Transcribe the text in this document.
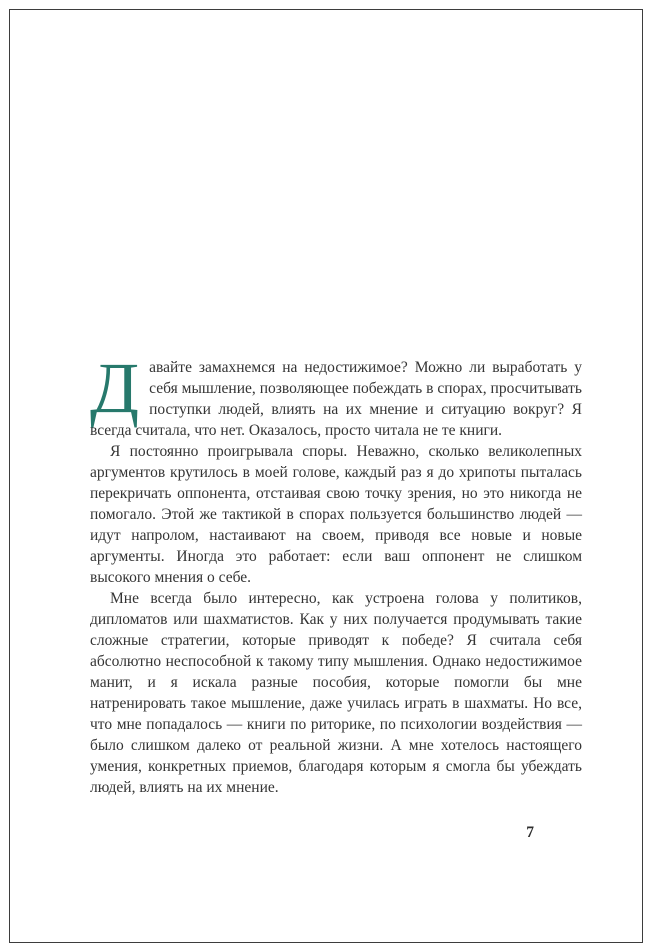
Давайте замахнемся на недостижимое? Можно ли выработать у себя мышление, позволяющее побеждать в спорах, просчитывать поступки людей, влиять на их мнение и ситуацию вокруг? Я всегда считала, что нет. Оказалось, просто читала не те книги.

Я постоянно проигрывала споры. Неважно, сколько великолепных аргументов крутилось в моей голове, каждый раз я до хрипоты пыталась перекричать оппонента, отстаивая свою точку зрения, но это никогда не помогало. Этой же тактикой в спорах пользуется большинство людей — идут напролом, настаивают на своем, приводя все новые и новые аргументы. Иногда это работает: если ваш оппонент не слишком высокого мнения о себе.

Мне всегда было интересно, как устроена голова у политиков, дипломатов или шахматистов. Как у них получается продумывать такие сложные стратегии, которые приводят к победе? Я считала себя абсолютно неспособной к такому типу мышления. Однако недостижимое манит, и я искала разные пособия, которые помогли бы мне натренировать такое мышление, даже училась играть в шахматы. Но все, что мне попадалось — книги по риторике, по психологии воздействия — было слишком далеко от реальной жизни. А мне хотелось настоящего умения, конкретных приемов, благодаря которым я смогла бы убеждать людей, влиять на их мнение.

7
